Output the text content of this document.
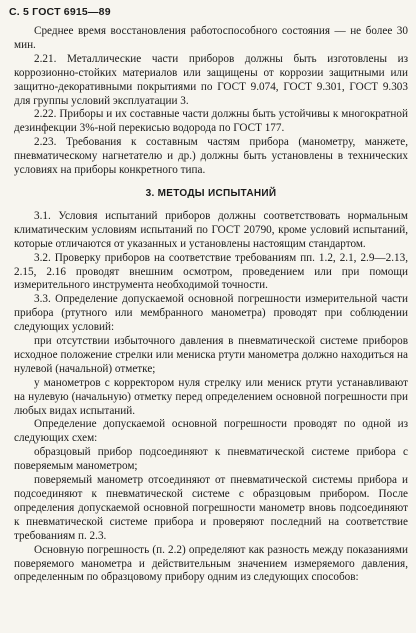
С. 5 ГОСТ 6915—89

Среднее время восстановления работоспособного состояния — не более 30 мин.

2.21. Металлические части приборов должны быть изготовлены из коррозионно-стойких материалов или защищены от коррозии защитными или защитно-декоративными покрытиями по ГОСТ 9.074, ГОСТ 9.301, ГОСТ 9.303 для группы условий эксплуатации 3.

2.22. Приборы и их составные части должны быть устойчивы к многократной дезинфекции 3%-ной перекисью водорода по ГОСТ 177.

2.23. Требования к составным частям прибора (манометру, манжете, пневматическому нагнетателю и др.) должны быть установлены в технических условиях на приборы конкретного типа.

3. МЕТОДЫ ИСПЫТАНИЙ

3.1. Условия испытаний приборов должны соответствовать нормальным климатическим условиям испытаний по ГОСТ 20790, кроме условий испытаний, которые отличаются от указанных и установлены настоящим стандартом.

3.2. Проверку приборов на соответствие требованиям пп. 1.2, 2.1, 2.9—2.13, 2.15, 2.16 проводят внешним осмотром, проведением или при помощи измерительного инструмента необходимой точности.

3.3. Определение допускаемой основной погрешности измерительной части прибора (ртутного или мембранного манометра) проводят при соблюдении следующих условий:

при отсутствии избыточного давления в пневматической системе приборов исходное положение стрелки или мениска ртути манометра должно находиться на нулевой (начальной) отметке;

у манометров с корректором нуля стрелку или мениск ртути устанавливают на нулевую (начальную) отметку перед определением основной погрешности при любых видах испытаний.

Определение допускаемой основной погрешности проводят по одной из следующих схем:

образцовый прибор подсоединяют к пневматической системе прибора с поверяемым манометром;

поверяемый манометр отсоединяют от пневматической системы прибора и подсоединяют к пневматической системе с образцовым прибором. После определения допускаемой основной погрешности манометр вновь подсоединяют к пневматической системе прибора и проверяют последний на соответствие требованиям п. 2.3.

Основную погрешность (п. 2.2) определяют как разность между показаниями поверяемого манометра и действительным значением измеряемого давления, определенным по образцовому прибору одним из следующих способов:
